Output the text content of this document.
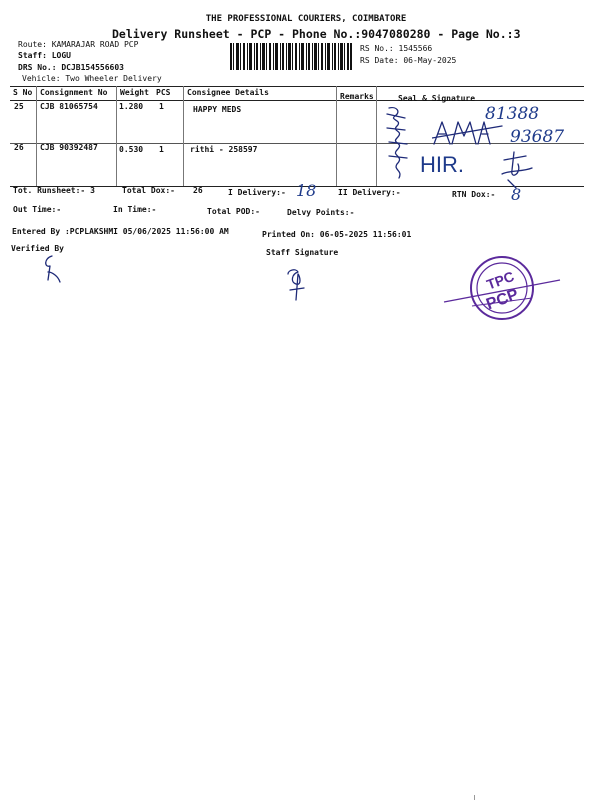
THE PROFESSIONAL COURIERS, COIMBATORE
Delivery Runsheet - PCP - Phone No.:9047080280 - Page No.:3
Route: KAMARAJAR ROAD PCP
Staff: LOGU
DRS No.: DCJB154556603
Vehicle: Two Wheeler Delivery
RS No.: 1545566
RS Date: 06-May-2025
S No Consignment No Weight PCS Consignee Details	Remarks	Seal & Signature
25 CJB 81065754	1.280 1	HAPPY MEDS
26 CJB 90392487	0.530 1	rithi - 258597
81388
93687
HIR.
Tot. Runsheet:- 3	Total Dox:- 26	I Delivery:- 18	II Delivery:-	RTN Dox:- 8
Out Time:-	In Time:-	Total POD:-	Delvy Points:-
Entered By :PCPLAKSHMI 05/06/2025 11:56:00 AM	Printed On: 06-05-2025 11:56:01
Verified By	Staff Signature
TPC
PCP
